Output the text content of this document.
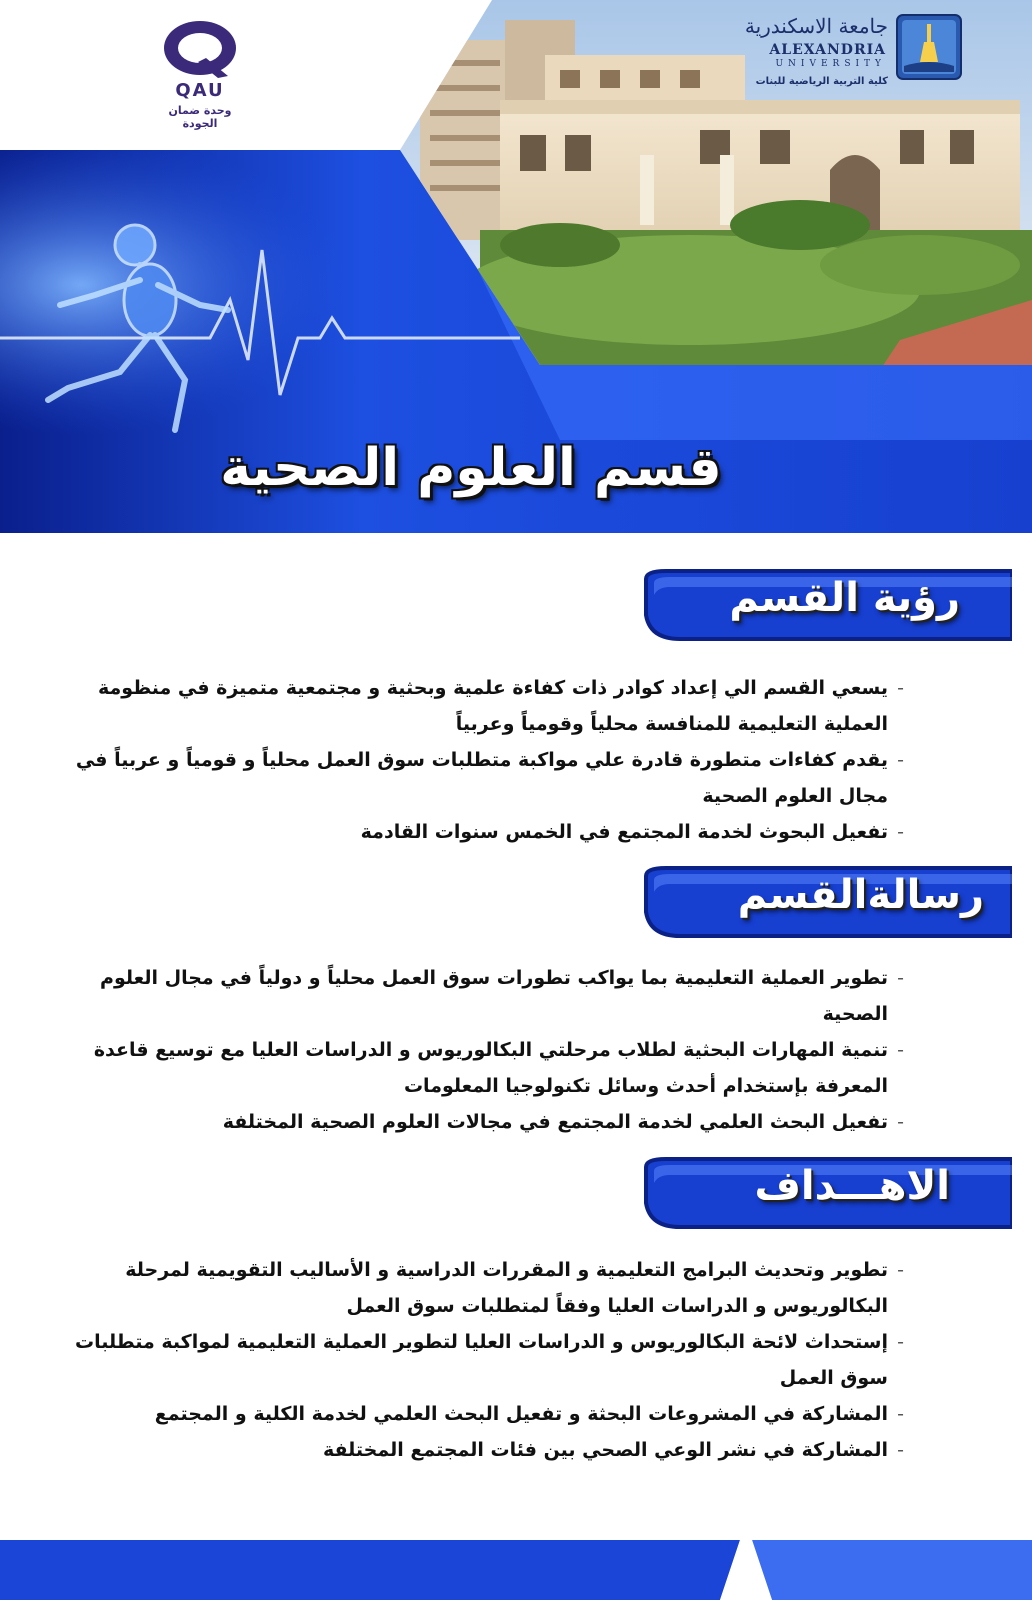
QAU
وحدة ضمان الجودة
جامعة الاسكندرية
ALEXANDRIA
UNIVERSITY
كلية التربية الرياضية للبنات
قسم العلوم الصحية
رؤية القسم
- يسعي القسم الي إعداد كوادر ذات كفاءة علمية وبحثية و مجتمعية متميزة في منظومة العملية التعليمية للمنافسة محلياً وقومياً وعربياً
- يقدم كفاءات متطورة قادرة علي مواكبة متطلبات سوق العمل محلياً و قومياً و عربياً في مجال العلوم الصحية
- تفعيل البحوث لخدمة المجتمع في الخمس سنوات القادمة
رسالةالقسم
- تطوير العملية التعليمية بما يواكب تطورات سوق العمل محلياً و دولياً في مجال العلوم الصحية
- تنمية المهارات البحثية لطلاب مرحلتي البكالوريوس و الدراسات العليا مع توسيع قاعدة المعرفة بإستخدام أحدث وسائل تكنولوجيا المعلومات
- تفعيل البحث العلمي لخدمة المجتمع في مجالات العلوم الصحية المختلفة
الاهـــداف
- تطوير وتحديث البرامج التعليمية و المقررات الدراسية و الأساليب التقويمية لمرحلة البكالوريوس و الدراسات العليا وفقاً لمتطلبات سوق العمل
- إستحداث لائحة البكالوريوس و الدراسات العليا لتطوير العملية التعليمية لمواكبة متطلبات سوق العمل
- المشاركة في المشروعات البحثة و تفعيل البحث العلمي لخدمة الكلية و المجتمع
- المشاركة في نشر الوعي الصحي بين فئات المجتمع المختلفة
